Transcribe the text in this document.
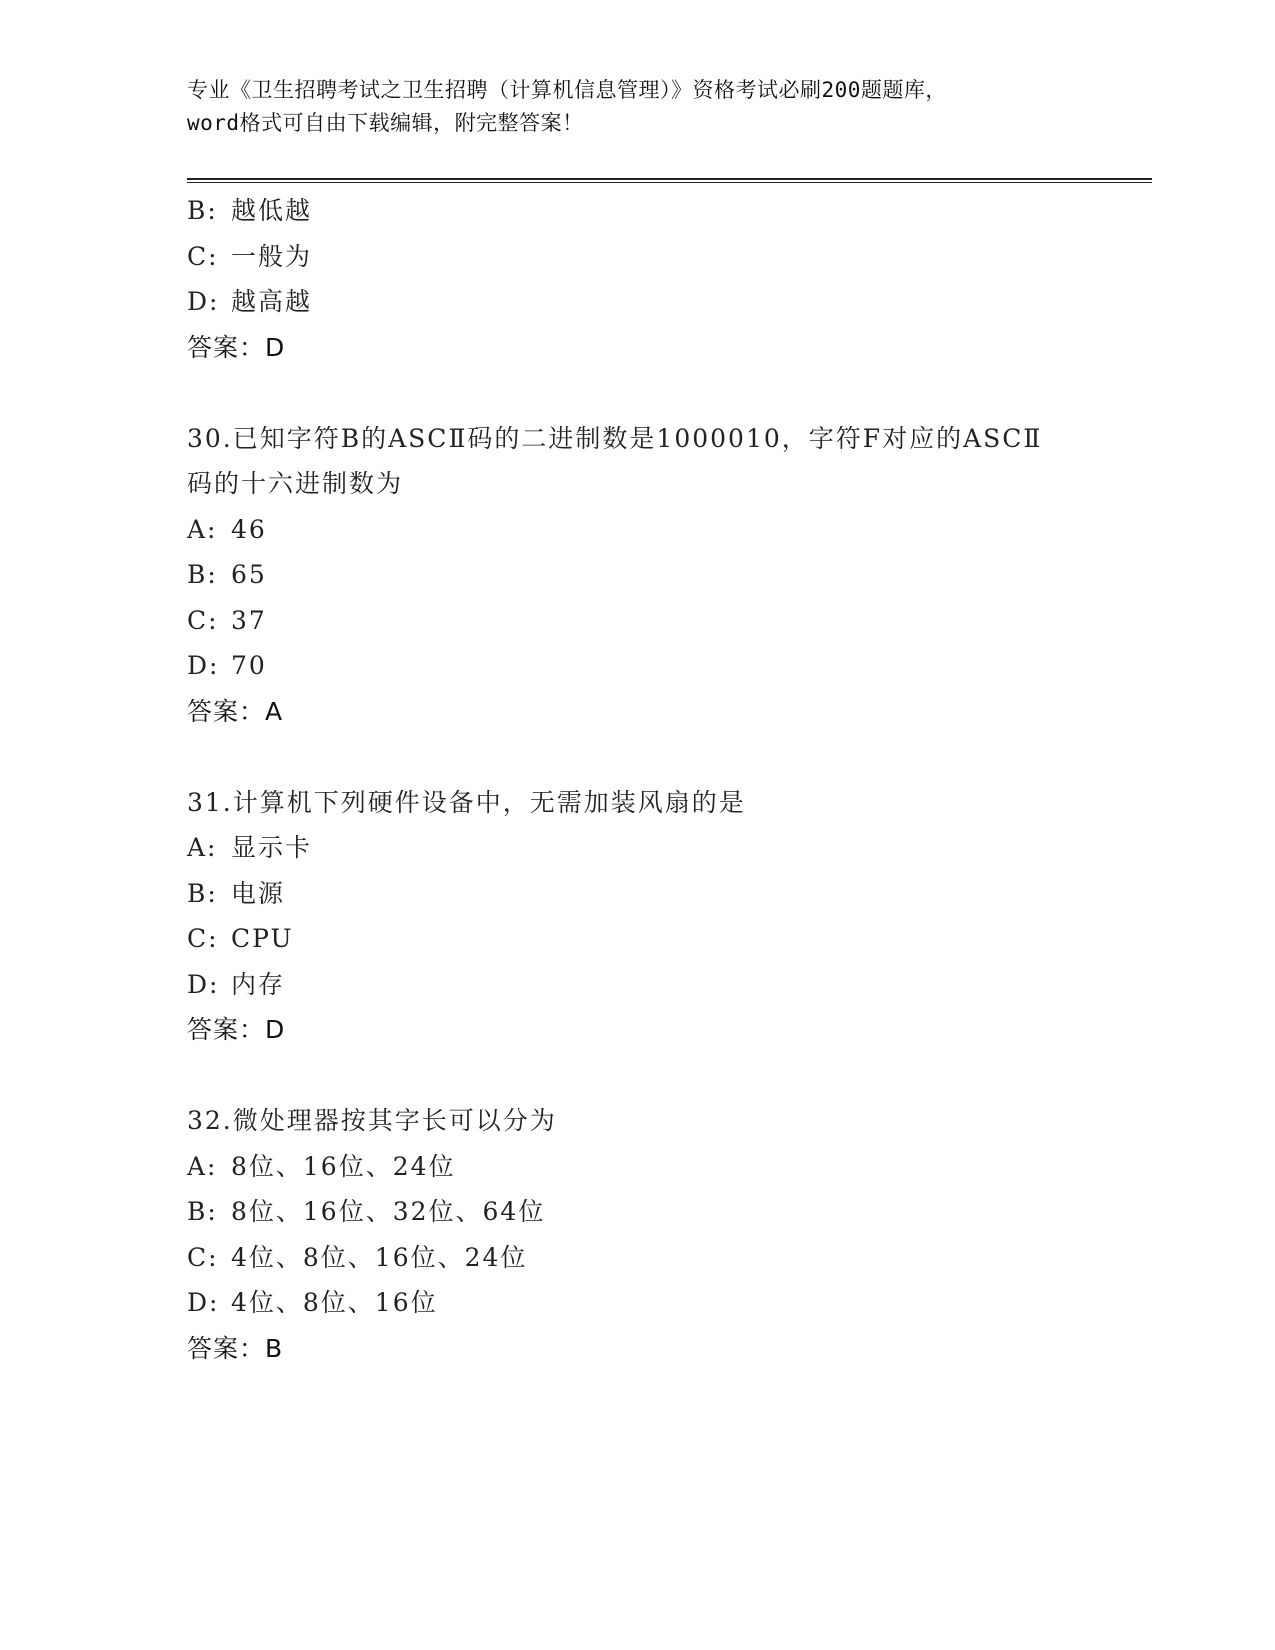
专业《卫生招聘考试之卫生招聘（计算机信息管理）》资格考试必刷200题题库，
word格式可自由下载编辑，附完整答案！
B: 越低越
C: 一般为
D: 越高越
答案：D
30.已知字符B的ASCⅡ码的二进制数是1000010，字符F对应的ASCⅡ
码的十六进制数为
A: 46
B: 65
C: 37
D: 70
答案：A
31.计算机下列硬件设备中，无需加装风扇的是
A: 显示卡
B: 电源
C: CPU
D: 内存
答案：D
32.微处理器按其字长可以分为
A: 8位、16位、24位
B: 8位、16位、32位、64位
C: 4位、8位、16位、24位
D: 4位、8位、16位
答案：B
